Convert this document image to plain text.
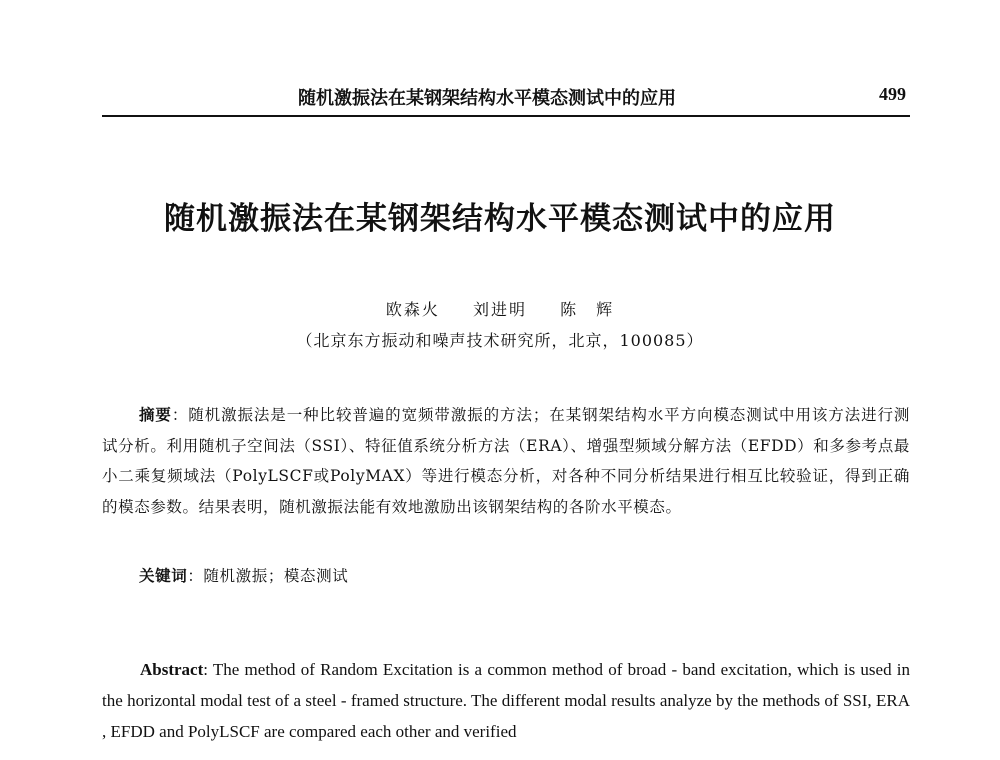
随机激振法在某钢架结构水平模态测试中的应用	499
随机激振法在某钢架结构水平模态测试中的应用
欧森火 刘进明 陈　辉
（北京东方振动和噪声技术研究所，北京，100085）
摘要：随机激振法是一种比较普遍的宽频带激振的方法；在某钢架结构水平方向模态测试中用该方法进行测试分析。利用随机子空间法（SSI）、特征值系统分析方法（ERA）、增强型频域分解方法（EFDD）和多参考点最小二乘复频域法（PolyLSCF或PolyMAX）等进行模态分析，对各种不同分析结果进行相互比较验证，得到正确的模态参数。结果表明，随机激振法能有效地激励出该钢架结构的各阶水平模态。
关键词：随机激振；模态测试
Abstract: The method of Random Excitation is a common method of broad - band excitation, which is used in the horizontal modal test of a steel - framed structure. The different modal results analyze by the methods of SSI, ERA , EFDD and PolyLSCF are compared each other and verified
